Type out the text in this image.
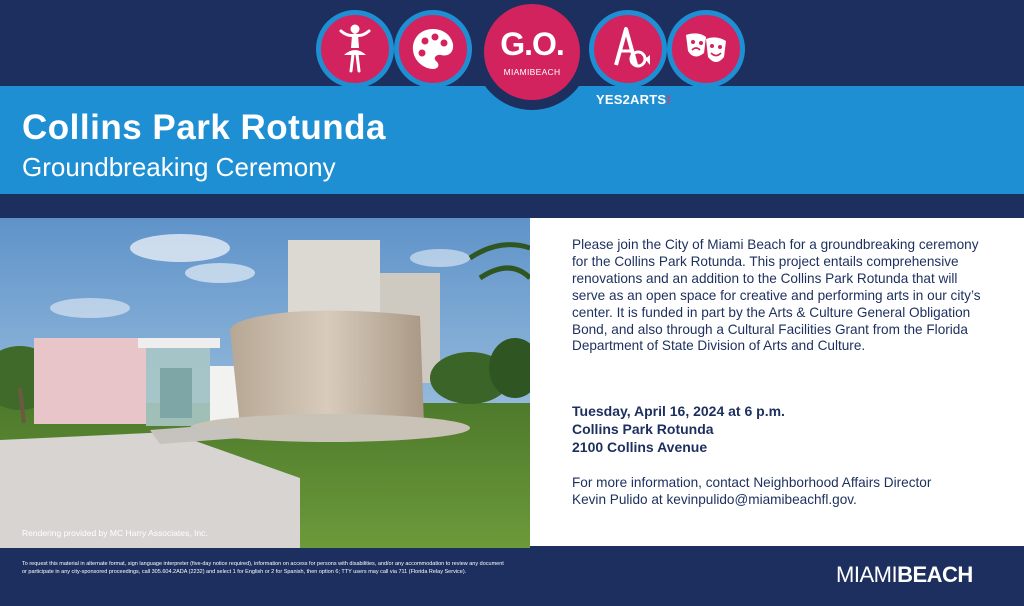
G.O.
MIAMIBEACH
YES2ARTS!
Collins Park Rotunda
Groundbreaking Ceremony
Rendering provided by MC Harry Associates, Inc.

Please join the City of Miami Beach for a groundbreaking ceremony for the Collins Park Rotunda. This project entails comprehensive renovations and an addition to the Collins Park Rotunda that will serve as an open space for creative and performing arts in our city’s center. It is funded in part by the Arts & Culture General Obligation Bond, and also through a Cultural Facilities Grant from the Florida Department of State Division of Arts and Culture.

Tuesday, April 16, 2024 at 6 p.m.
Collins Park Rotunda
2100 Collins Avenue
For more information, contact Neighborhood Affairs Director
Kevin Pulido at kevinpulido@miamibeachfl.gov.

To request this material in alternate format, sign language interpreter (five-day notice required), information on access for persons with disabilities, and/or any accommodation to review any document or participate in any city-sponsored proceedings, call 305.604.2ADA (2232) and select 1 for English or 2 for Spanish, then option 6; TTY users may call via 711 (Florida Relay Service).	MIAMIBEACH
